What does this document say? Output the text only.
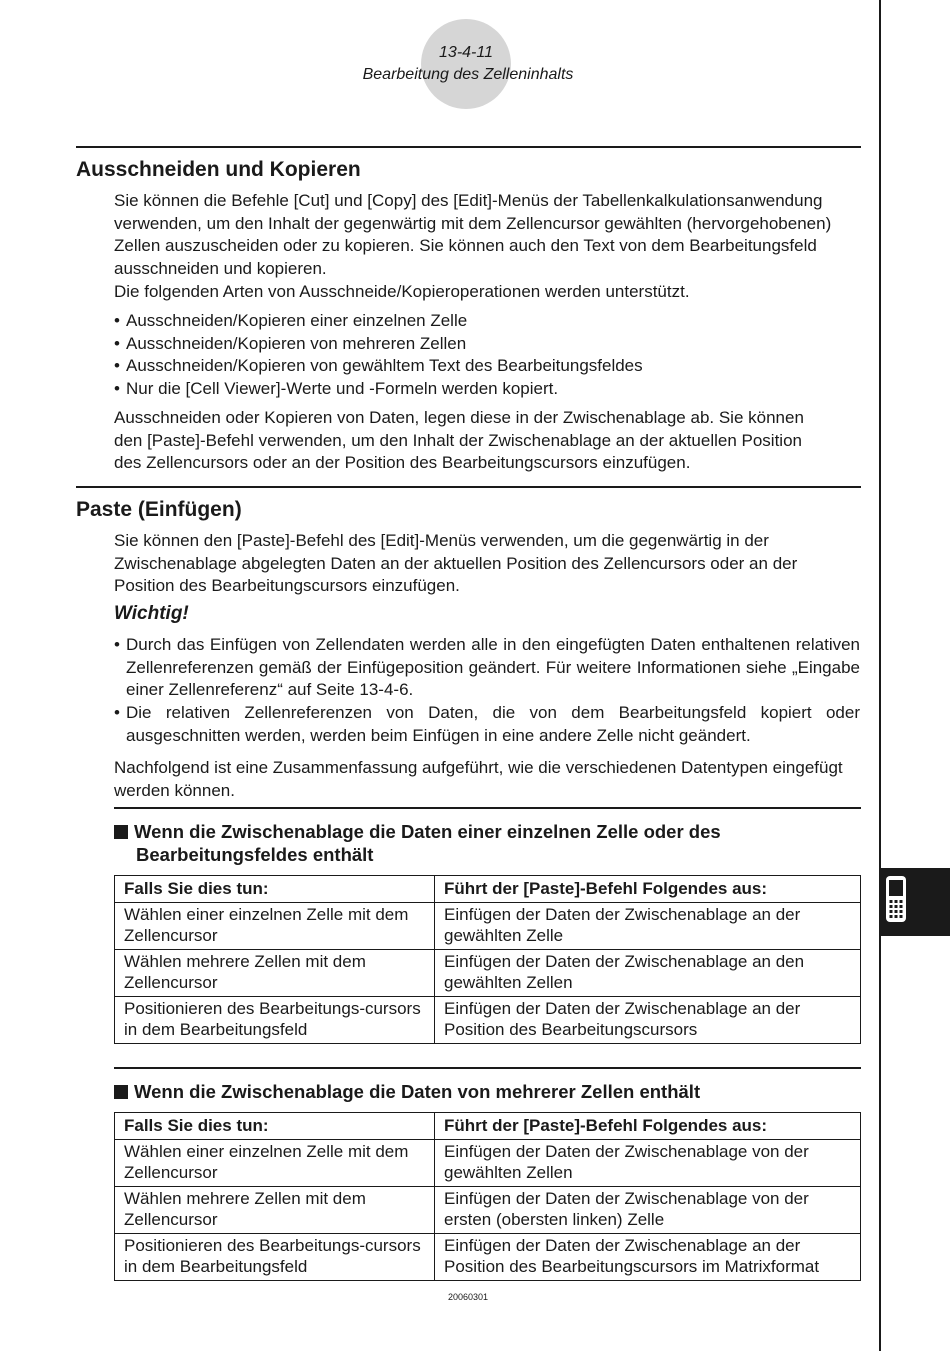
13-4-11
Bearbeitung des Zelleninhalts
Ausschneiden und Kopieren
Sie können die Befehle [Cut] und [Copy] des [Edit]-Menüs der Tabellenkalkulationsanwendung
verwenden, um den Inhalt der gegenwärtig mit dem Zellencursor gewählten (hervorgehobenen)
Zellen auszuscheiden oder zu kopieren. Sie können auch den Text von dem Bearbeitungsfeld
ausschneiden und kopieren.
Die folgenden Arten von Ausschneide/Kopieroperationen werden unterstützt.
• Ausschneiden/Kopieren einer einzelnen Zelle
• Ausschneiden/Kopieren von mehreren Zellen
• Ausschneiden/Kopieren von gewähltem Text des Bearbeitungsfeldes
• Nur die [Cell Viewer]-Werte und -Formeln werden kopiert.
Ausschneiden oder Kopieren von Daten, legen diese in der Zwischenablage ab. Sie können
den [Paste]-Befehl verwenden, um den Inhalt der Zwischenablage an der aktuellen Position
des Zellencursors oder an der Position des Bearbeitungscursors einzufügen.
Paste (Einfügen)
Sie können den [Paste]-Befehl des [Edit]-Menüs verwenden, um die gegenwärtig in der
Zwischenablage abgelegten Daten an der aktuellen Position des Zellencursors oder an der
Position des Bearbeitungscursors einzufügen.
Wichtig!
• Durch das Einfügen von Zellendaten werden alle in den eingefügten Daten enthaltenen relativen Zellenreferenzen gemäß der Einfügeposition geändert. Für weitere Informationen siehe „Eingabe einer Zellenreferenz“ auf Seite 13-4-6.
• Die relativen Zellenreferenzen von Daten, die von dem Bearbeitungsfeld kopiert oder ausgeschnitten werden, werden beim Einfügen in eine andere Zelle nicht geändert.
Nachfolgend ist eine Zusammenfassung aufgeführt, wie die verschiedenen Datentypen eingefügt
werden können.
Wenn die Zwischenablage die Daten einer einzelnen Zelle oder des
Bearbeitungsfeldes enthält
Falls Sie dies tun:	Führt der [Paste]-Befehl Folgendes aus:
Wählen einer einzelnen Zelle mit dem Zellencursor	Einfügen der Daten der Zwischenablage an der gewählten Zelle
Wählen mehrere Zellen mit dem Zellencursor	Einfügen der Daten der Zwischenablage an den gewählten Zellen
Positionieren des Bearbeitungs-cursors in dem Bearbeitungsfeld	Einfügen der Daten der Zwischenablage an der Position des Bearbeitungscursors
Wenn die Zwischenablage die Daten von mehrerer Zellen enthält
Falls Sie dies tun:	Führt der [Paste]-Befehl Folgendes aus:
Wählen einer einzelnen Zelle mit dem Zellencursor	Einfügen der Daten der Zwischenablage von der gewählten Zellen
Wählen mehrere Zellen mit dem Zellencursor	Einfügen der Daten der Zwischenablage von der ersten (obersten linken) Zelle
Positionieren des Bearbeitungs-cursors in dem Bearbeitungsfeld	Einfügen der Daten der Zwischenablage an der Position des Bearbeitungscursors im Matrixformat
20060301
